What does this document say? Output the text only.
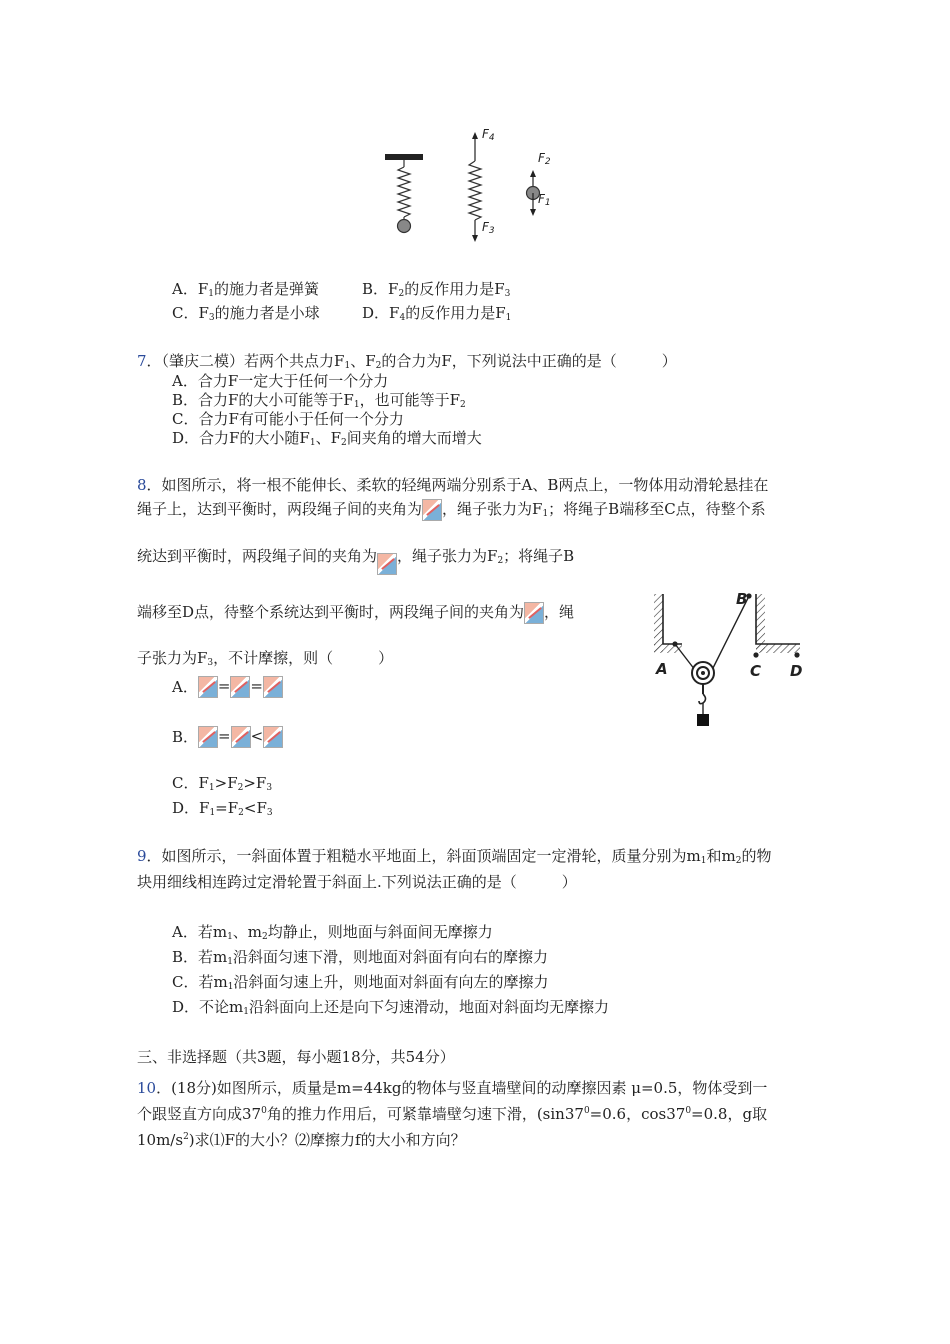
$F_4$
$F_3$
$F_2$
$F_1$
A．$F_1$的施力者是弹簧	B．$F_2$的反作用力是$F_3$
C．$F_3$的施力者是小球	D．$F_4$的反作用力是$F_1$
7．（肇庆二模）若两个共点力$F_1$、$F_2$的合力为F，下列说法中正确的是（　　　）
A．合力F一定大于任何一个分力
B．合力F的大小可能等于$F_1$，也可能等于$F_2$
C．合力F有可能小于任何一个分力
D．合力F的大小随$F_1$、$F_2$间夹角的增大而增大
8．如图所示，将一根不能伸长、柔软的轻绳两端分别系于A、B两点上，一物体用动滑轮悬挂在
绳子上，达到平衡时，两段绳子间的夹角为 ，绳子张力为$F_1$；将绳子B端移至C点，待整个系
统达到平衡时，两段绳子间的夹角为 ，绳子张力为$F_2$；将绳子B
端移至D点，待整个系统达到平衡时，两段绳子间的夹角为 ，绳
子张力为$F_3$，不计摩擦，则（　　　）
A． = =
B． = <
C．$F_1>F_2>F_3$
D．$F_1=F_2<F_3$
A
B
C D
9．如图所示，一斜面体置于粗糙水平地面上，斜面顶端固定一定滑轮，质量分别为$m_1$和$m_2$的物
块用细线相连跨过定滑轮置于斜面上.下列说法正确的是（　　　）
A．若$m_1$、$m_2$均静止，则地面与斜面间无摩擦力
B．若$m_1$沿斜面匀速下滑，则地面对斜面有向右的摩擦力
C．若$m_1$沿斜面匀速上升，则地面对斜面有向左的摩擦力
D．不论$m_1$沿斜面向上还是向下匀速滑动，地面对斜面均无摩擦力
三、非选择题（共3题，每小题18分，共54分）
10．(18分)如图所示，质量是m=44kg的物体与竖直墙壁间的动摩擦因素 μ=0.5，物体受到一
个跟竖直方向成$37^0$角的推力作用后，可紧靠墙壁匀速下滑，($\sin 37^0=0.6$，$\cos 37^0=0.8$，g取
$10m/s^2$)求⑴F的大小？⑵摩擦力f的大小和方向？
